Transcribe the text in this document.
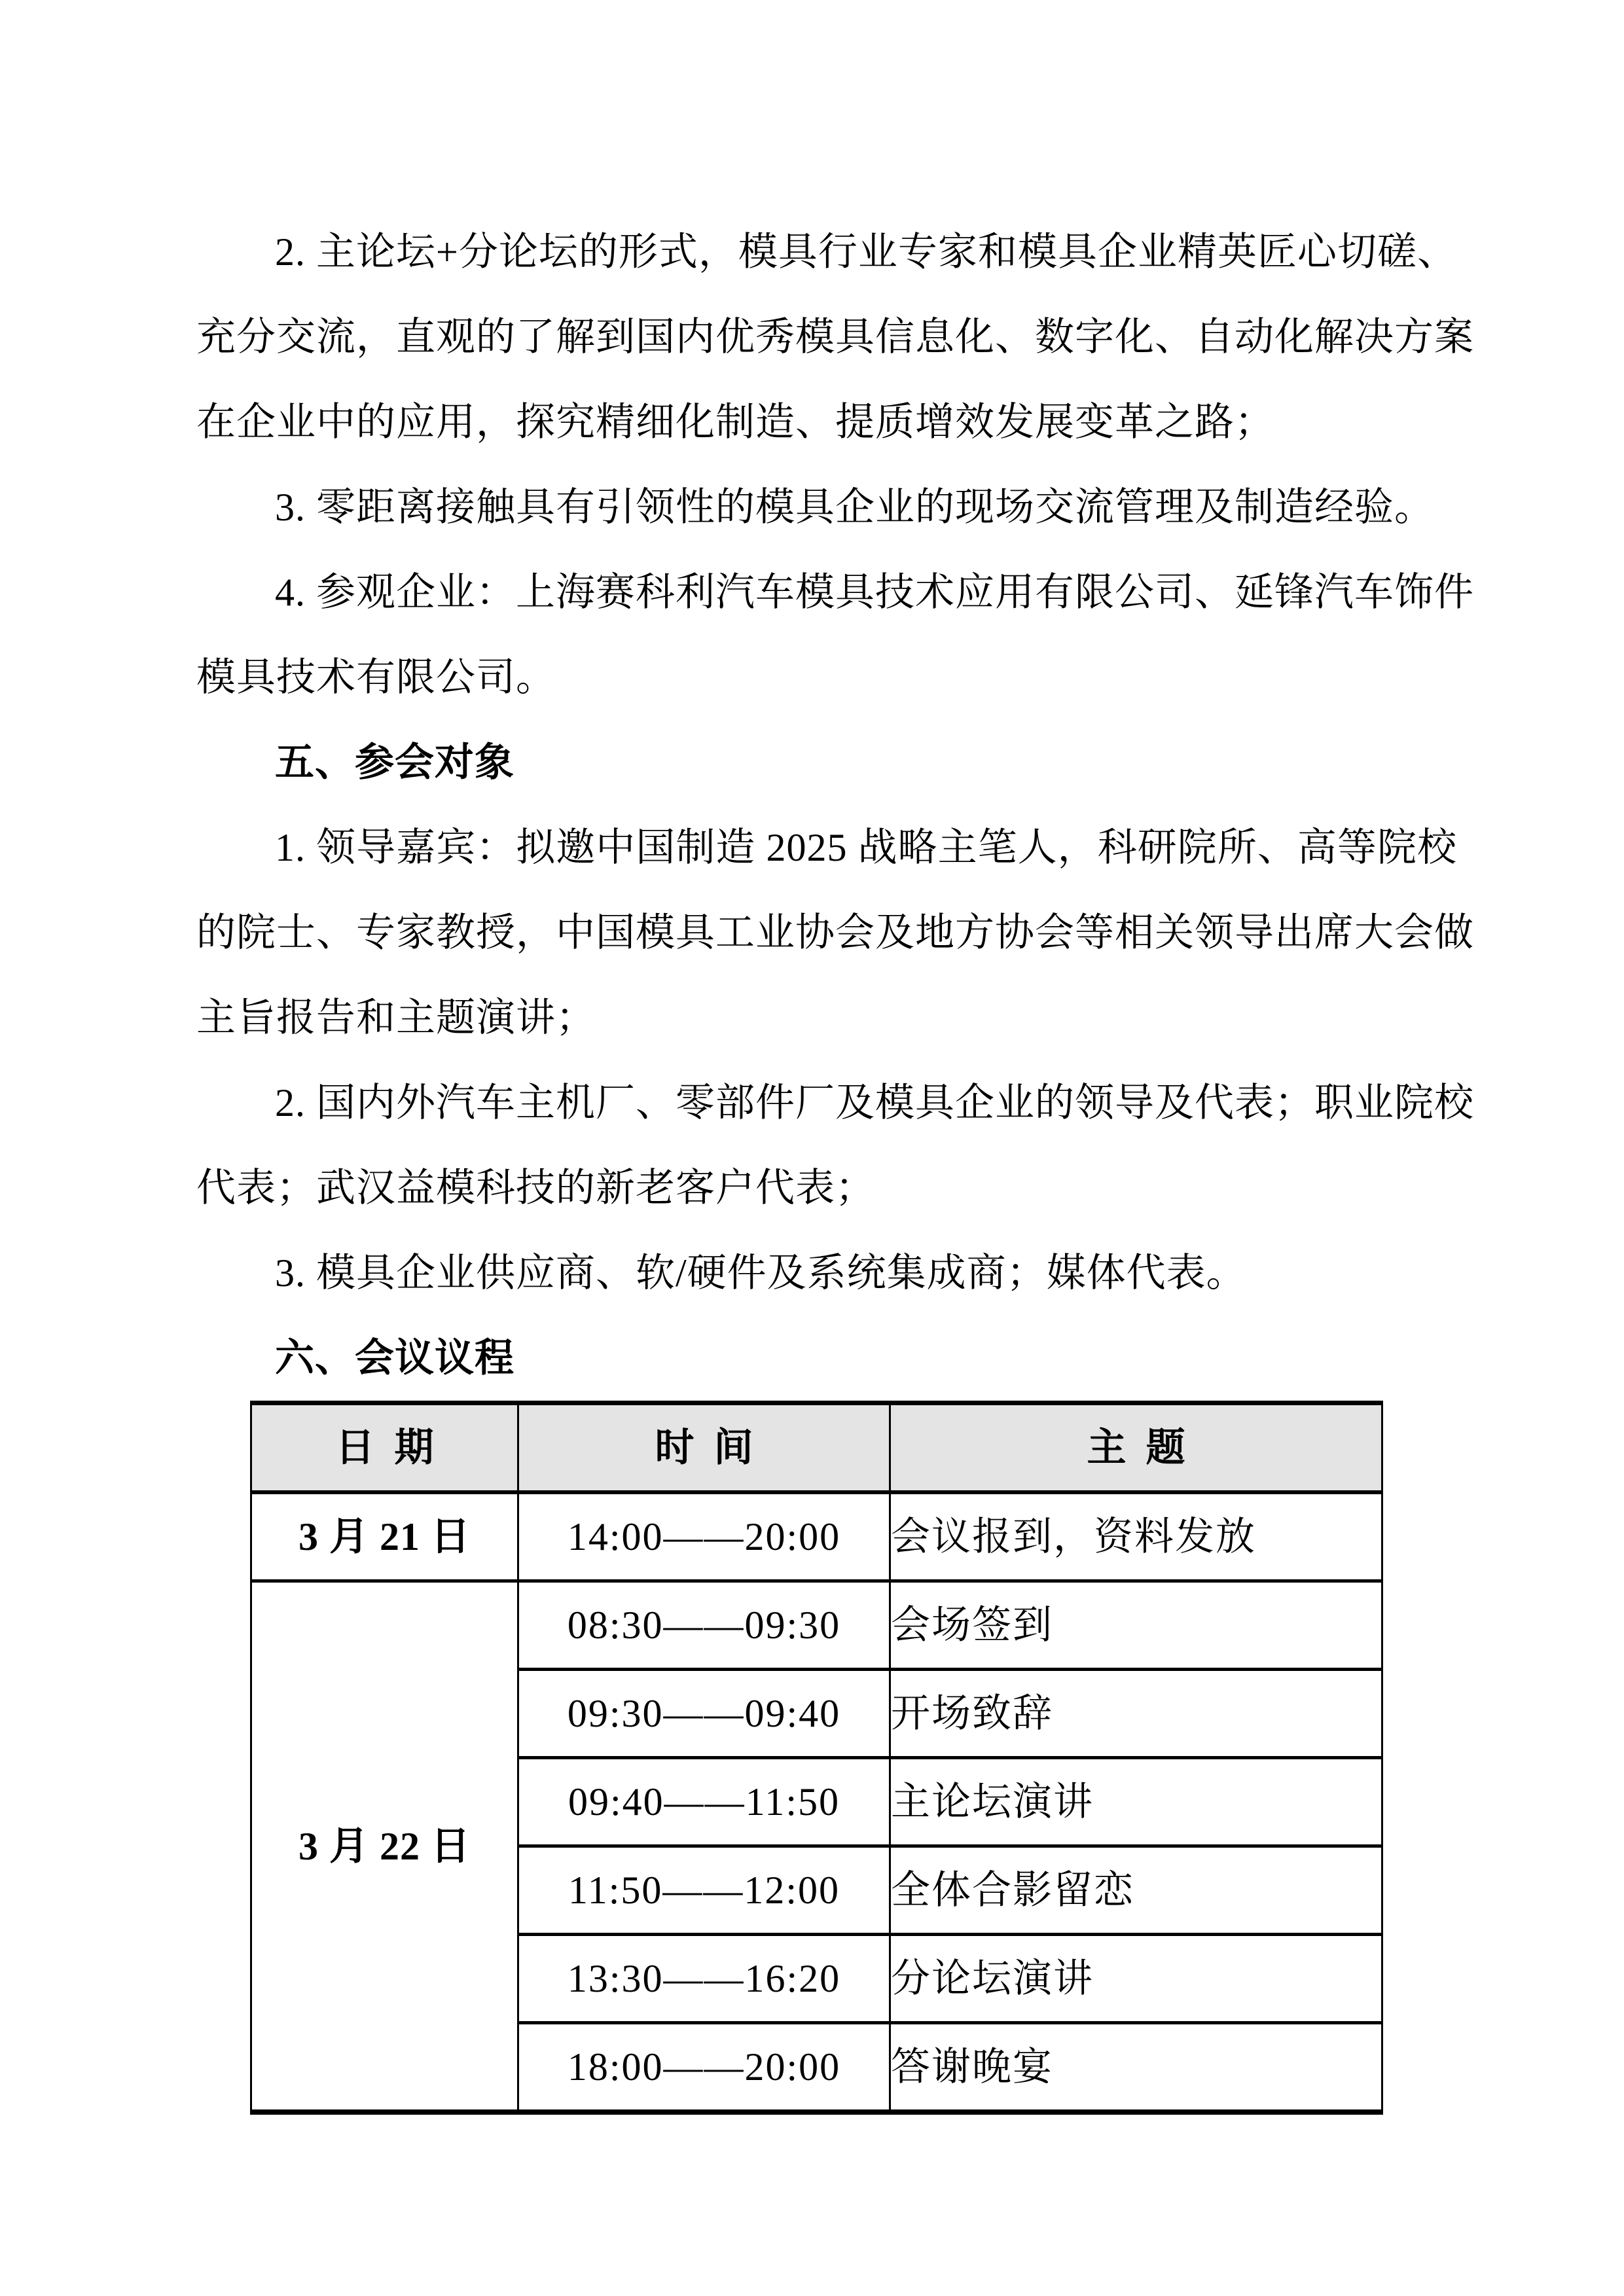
2. 主论坛+分论坛的形式，模具行业专家和模具企业精英匠心切磋、

充分交流，直观的了解到国内优秀模具信息化、数字化、自动化解决方案

在企业中的应用，探究精细化制造、提质增效发展变革之路；

3. 零距离接触具有引领性的模具企业的现场交流管理及制造经验。

4. 参观企业：上海赛科利汽车模具技术应用有限公司、延锋汽车饰件

模具技术有限公司。

五、参会对象

1. 领导嘉宾：拟邀中国制造 2025 战略主笔人，科研院所、高等院校

的院士、专家教授，中国模具工业协会及地方协会等相关领导出席大会做

主旨报告和主题演讲；

2. 国内外汽车主机厂、零部件厂及模具企业的领导及代表；职业院校

代表；武汉益模科技的新老客户代表；

3. 模具企业供应商、软/硬件及系统集成商；媒体代表。

六、会议议程

日期	时间	主题
3 月 21 日	14:00——20:00	会议报到，资料发放
3 月 22 日	08:30——09:30	会场签到
	09:30——09:40	开场致辞
	09:40——11:50	主论坛演讲
	11:50——12:00	全体合影留恋
	13:30——16:20	分论坛演讲
	18:00——20:00	答谢晚宴
